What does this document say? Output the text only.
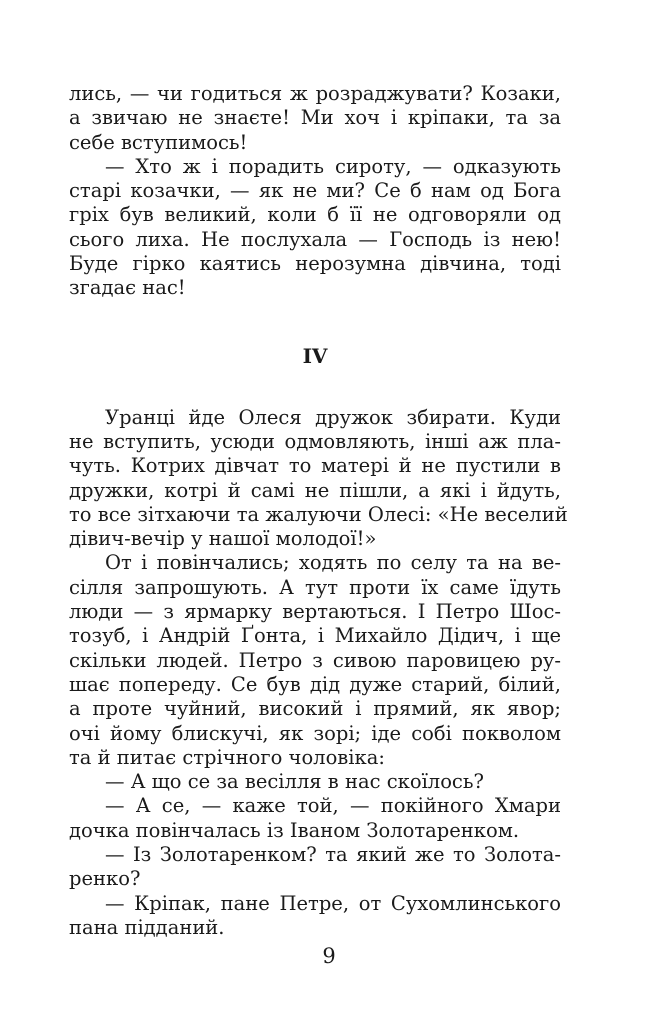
лись, — чи годиться ж розраджувати? Козаки,
а звичаю не знаєте! Ми хоч і кріпаки, та за
себе вступимось!
— Хто ж і порадить сироту, — одказують
старі козачки, — як не ми? Се б нам од Бога
гріх був великий, коли б її не одговоряли од
сього лиха. Не послухала — Господь із нею!
Буде гірко каятись нерозумна дівчина, тоді
згадає нас!
IV
Уранці йде Олеся дружок збирати. Куди
не вступить, усюди одмовляють, інші аж пла-
чуть. Котрих дівчат то матері й не пустили в
дружки, котрі й самі не пішли, а які і йдуть,
то все зітхаючи та жалуючи Олесі: «Не веселий
дівич-вечір у нашої молодої!»
От і повінчались; ходять по селу та на ве-
сілля запрошують. А тут проти їх саме їдуть
люди — з ярмарку вертаються. І Петро Шос-
тозуб, і Андрій Ґонта, і Михайло Дідич, і ще
скільки людей. Петро з сивою паровицею ру-
шає попереду. Се був дід дуже старий, білий,
а проте чуйний, високий і прямий, як явор;
очі йому блискучі, як зорі; іде собі покволом
та й питає стрічного чоловіка:
— А що се за весілля в нас скоїлось?
— А се, — каже той, — покійного Хмари
дочка повінчалась із Іваном Золотаренком.
— Із Золотаренком? та який же то Золота-
ренко?
— Кріпак, пане Петре, от Сухомлинського
пана підданий.
9
